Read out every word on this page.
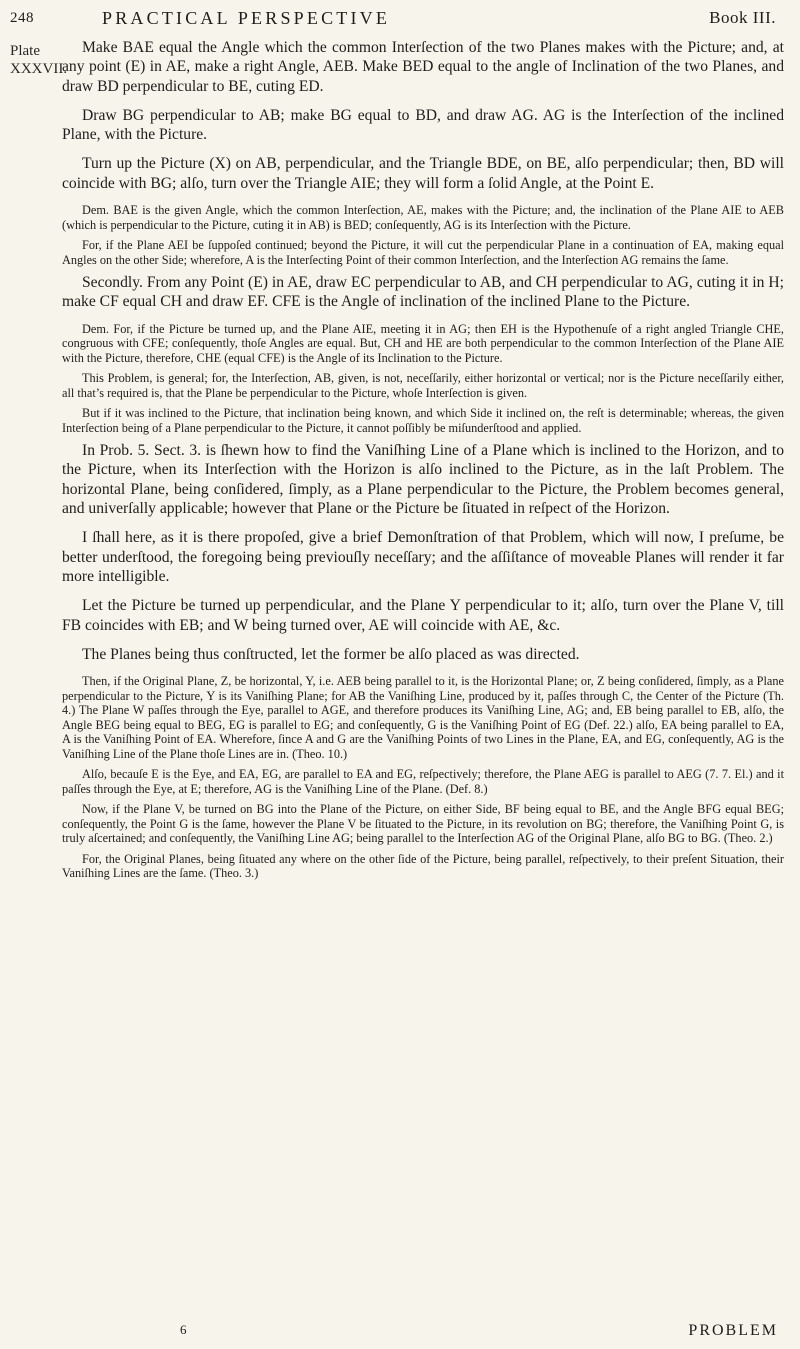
248	PRACTICAL PERSPECTIVE	Book III.
Plate
XXXVII.

Make BAE equal the Angle which the common Interſection of the two Planes makes with the Picture; and, at any point (E) in AE, make a right Angle, AEB. Make BED equal to the angle of Inclination of the two Planes, and draw BD perpendicular to BE, cuting ED.

Draw BG perpendicular to AB; make BG equal to BD, and draw AG. AG is the Interſection of the inclined Plane, with the Picture.

Turn up the Picture (X) on AB, perpendicular, and the Triangle BDE, on BE, alſo perpendicular; then, BD will coincide with BG; alſo, turn over the Triangle AIE; they will form a ſolid Angle, at the Point E.

Dem. BAE is the given Angle, which the common Interſection, AE, makes with the Picture; and, the inclination of the Plane AIE to AEB (which is perpendicular to the Picture, cuting it in AB) is BED; conſequently, AG is its Interſection with the Picture.

For, if the Plane AEI be ſuppoſed continued; beyond the Picture, it will cut the perpendicular Plane in a continuation of EA, making equal Angles on the other Side; wherefore, A is the Interſecting Point of their common Interſection, and the Interſection AG remains the ſame.

Secondly. From any Point (E) in AE, draw EC perpendicular to AB, and CH perpendicular to AG, cuting it in H; make CF equal CH and draw EF. CFE is the Angle of inclination of the inclined Plane to the Picture.

Dem. For, if the Picture be turned up, and the Plane AIE, meeting it in AG; then EH is the Hypothenuſe of a right angled Triangle CHE, congruous with CFE; conſequently, thoſe Angles are equal. But, CH and HE are both perpendicular to the common Interſection of the Plane AIE with the Picture, therefore, CHE (equal CFE) is the Angle of its Inclination to the Picture.

This Problem, is general; for, the Interſection, AB, given, is not, neceſſarily, either horizontal or vertical; nor is the Picture neceſſarily either, all that’s required is, that the Plane be perpendicular to the Picture, whoſe Interſection is given.

But if it was inclined to the Picture, that inclination being known, and which Side it inclined on, the reſt is determinable; whereas, the given Interſection being of a Plane perpendicular to the Picture, it cannot poſſibly be miſunderſtood and applied.

In Prob. 5. Sect. 3. is ſhewn how to find the Vaniſhing Line of a Plane which is inclined to the Horizon, and to the Picture, when its Interſection with the Horizon is alſo inclined to the Picture, as in the laſt Problem. The horizontal Plane, being conſidered, ſimply, as a Plane perpendicular to the Picture, the Problem becomes general, and univerſally applicable; however that Plane or the Picture be ſituated in reſpect of the Horizon.

I ſhall here, as it is there propoſed, give a brief Demonſtration of that Problem, which will now, I preſume, be better underſtood, the foregoing being previouſly neceſſary; and the aſſiſtance of moveable Planes will render it far more intelligible.

Let the Picture be turned up perpendicular, and the Plane Y perpendicular to it; alſo, turn over the Plane V, till FB coincides with EB; and W being turned over, AE will coincide with AE, &c.

The Planes being thus conſtructed, let the former be alſo placed as was directed.

Then, if the Original Plane, Z, be horizontal, Y, i.e. AEB being parallel to it, is the Horizontal Plane; or, Z being conſidered, ſimply, as a Plane perpendicular to the Picture, Y is its Vaniſhing Plane; for AB the Vaniſhing Line, produced by it, paſſes through C, the Center of the Picture (Th. 4.) The Plane W paſſes through the Eye, parallel to AGE, and therefore produces its Vaniſhing Line, AG; and, EB being parallel to EB, alſo, the Angle BEG being equal to BEG, EG is parallel to EG; and conſequently, G is the Vaniſhing Point of EG (Def. 22.) alſo, EA being parallel to EA, A is the Vaniſhing Point of EA. Wherefore, ſince A and G are the Vaniſhing Points of two Lines in the Plane, EA, and EG, conſequently, AG is the Vaniſhing Line of the Plane thoſe Lines are in. (Theo. 10.)

Alſo, becauſe E is the Eye, and EA, EG, are parallel to EA and EG, reſpectively; therefore, the Plane AEG is parallel to AEG (7. 7. El.) and it paſſes through the Eye, at E; therefore, AG is the Vaniſhing Line of the Plane. (Def. 8.)

Now, if the Plane V, be turned on BG into the Plane of the Picture, on either Side, BF being equal to BE, and the Angle BFG equal BEG; conſequently, the Point G is the ſame, however the Plane V be ſituated to the Picture, in its revolution on BG; therefore, the Vaniſhing Point G, is truly aſcertained; and conſequently, the Vaniſhing Line AG; being parallel to the Interſection AG of the Original Plane, alſo BG to BG. (Theo. 2.)

For, the Original Planes, being ſituated any where on the other ſide of the Picture, being parallel, reſpectively, to their preſent Situation, their Vaniſhing Lines are the ſame. (Theo. 3.)

6	PROBLEM
